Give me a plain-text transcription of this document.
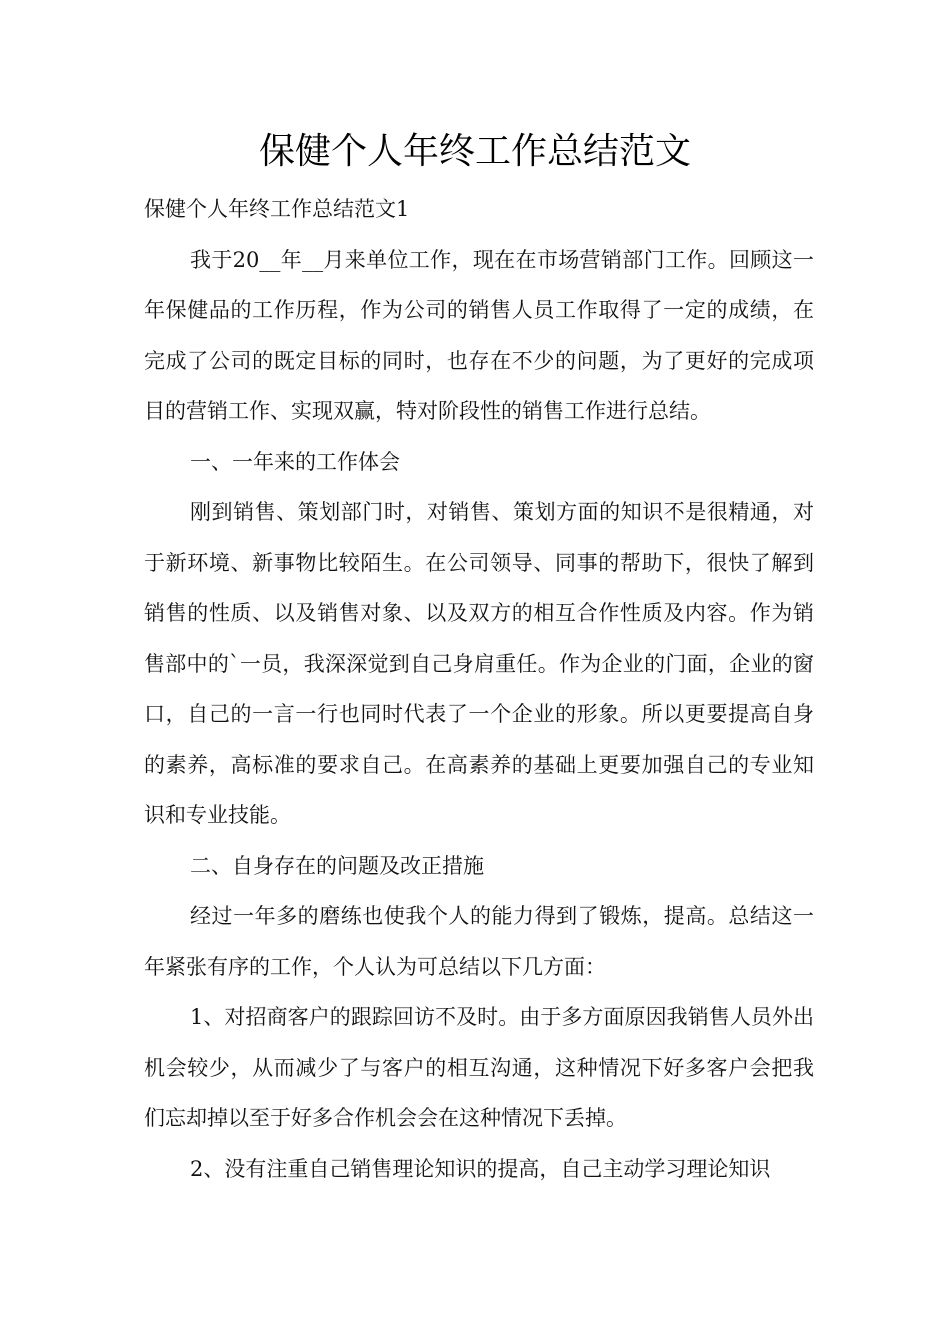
保健个人年终工作总结范文

保健个人年终工作总结范文1

我于20__年__月来单位工作，现在在市场营销部门工作。回顾这一年保健品的工作历程，作为公司的销售人员工作取得了一定的成绩，在完成了公司的既定目标的同时，也存在不少的问题，为了更好的完成项目的营销工作、实现双赢，特对阶段性的销售工作进行总结。

一、一年来的工作体会

刚到销售、策划部门时，对销售、策划方面的知识不是很精通，对于新环境、新事物比较陌生。在公司领导、同事的帮助下，很快了解到销售的性质、以及销售对象、以及双方的相互合作性质及内容。作为销售部中的`一员，我深深觉到自己身肩重任。作为企业的门面，企业的窗口，自己的一言一行也同时代表了一个企业的形象。所以更要提高自身的素养，高标准的要求自己。在高素养的基础上更要加强自己的专业知识和专业技能。

二、自身存在的问题及改正措施

经过一年多的磨练也使我个人的能力得到了锻炼，提高。总结这一年紧张有序的工作，个人认为可总结以下几方面：

1、对招商客户的跟踪回访不及时。由于多方面原因我销售人员外出机会较少，从而减少了与客户的相互沟通，这种情况下好多客户会把我们忘却掉以至于好多合作机会会在这种情况下丢掉。

2、没有注重自己销售理论知识的提高，自己主动学习理论知识
